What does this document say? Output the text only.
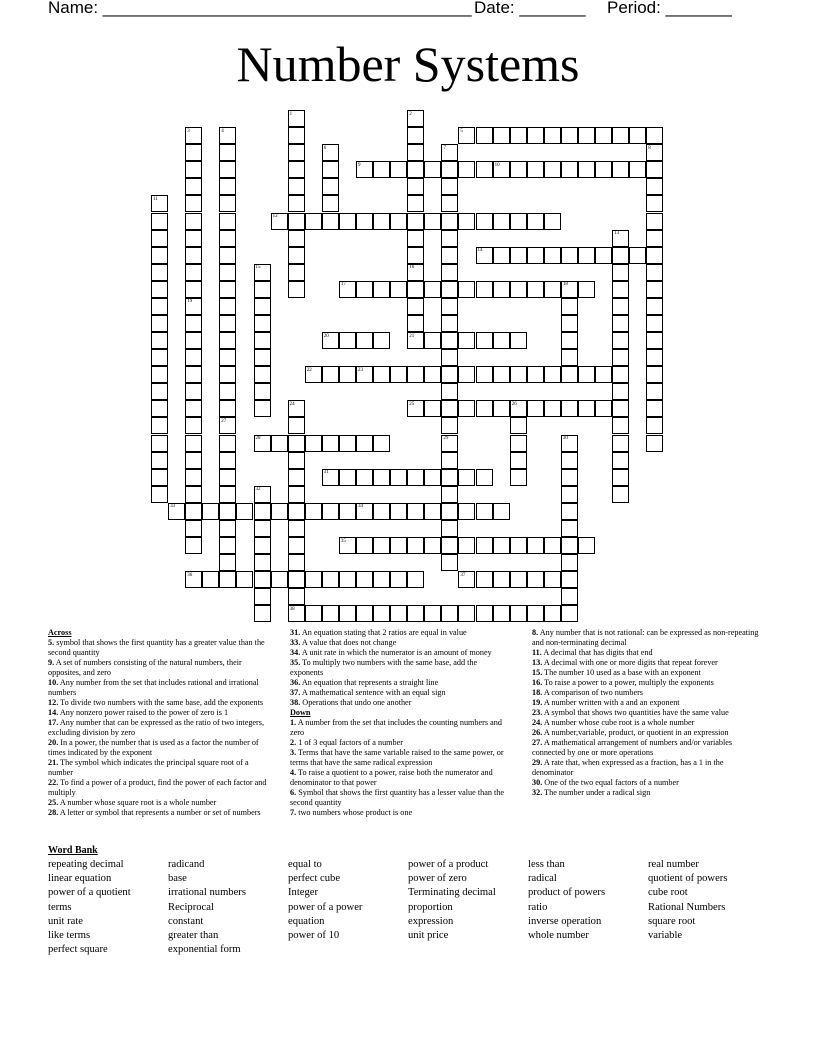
Name: _______________________________________ Date: _______ Period: _______
Number Systems
1	2
3	4	5
6	7	8
9	10
11
12
13
14
15	16
17	18
19
20	21
22	23
24	25	26
27
28	29	30
31
32
33	34
35
36	37
38
Across
5. symbol that shows the first quantity has a greater value than the second quantity
9. A set of numbers consisting of the natural numbers, their opposites, and zero
10. Any number from the set that includes rational and irrational numbers
12. To divide two numbers with the same base, add the exponents
14. Any nonzero power raised to the power of zero is 1
17. Any number that can be expressed as the ratio of two integers, excluding division by zero
20. In a power, the number that is used as a factor the number of times indicated by the exponent
21. The symbol which indicates the principal square root of a number
22. To find a power of a product, find the power of each factor and multiply
25. A number whose square root is a whole number
28. A letter or symbol that represents a number or set of numbers
31. An equation stating that 2 ratios are equal in value
33. A value that does not change
34. A unit rate in which the numerator is an amount of money
35. To multiply two numbers with the same base, add the exponents
36. An equation that represents a straight line
37. A mathematical sentence with an equal sign
38. Operations that undo one another
Down
1. A number from the set that includes the counting numbers and zero
2. 1 of 3 equal factors of a number
3. Terms that have the same variable raised to the same power, or terms that have the same radical expression
4. To raise a quotient to a power, raise both the numerator and denominator to that power
6. Symbol that shows the first quantity has a lesser value than the second quantity
7. two numbers whose product is one
8. Any number that is not rational: can be expressed as non-repeating and non-terminating decimal
11. A decimal that has digits that end
13. A decimal with one or more digits that repeat forever
15. The number 10 used as a base with an exponent
16. To raise a power to a power, multiply the exponents
18. A comparison of two numbers
19. A number written with a and an exponent
23. A symbol that shows two quantities have the same value
24. A number whose cube root is a whole number
26. A number,variable, product, or quotient in an expression
27. A mathematical arrangement of numbers and/or variables connected by one or more operations
29. A rate that, when expressed as a fraction, has a 1 in the denominator
30. One of the two equal factors of a number
32. The number under a radical sign
Word Bank
repeating decimal
linear equation
power of a quotient
terms
unit rate
like terms
perfect square
radicand
base
irrational numbers
Reciprocal
constant
greater than
exponential form
equal to
perfect cube
Integer
power of a power
equation
power of 10
power of a product
power of zero
Terminating decimal
proportion
expression
unit price
less than
radical
product of powers
ratio
inverse operation
whole number
real number
quotient of powers
cube root
Rational Numbers
square root
variable
